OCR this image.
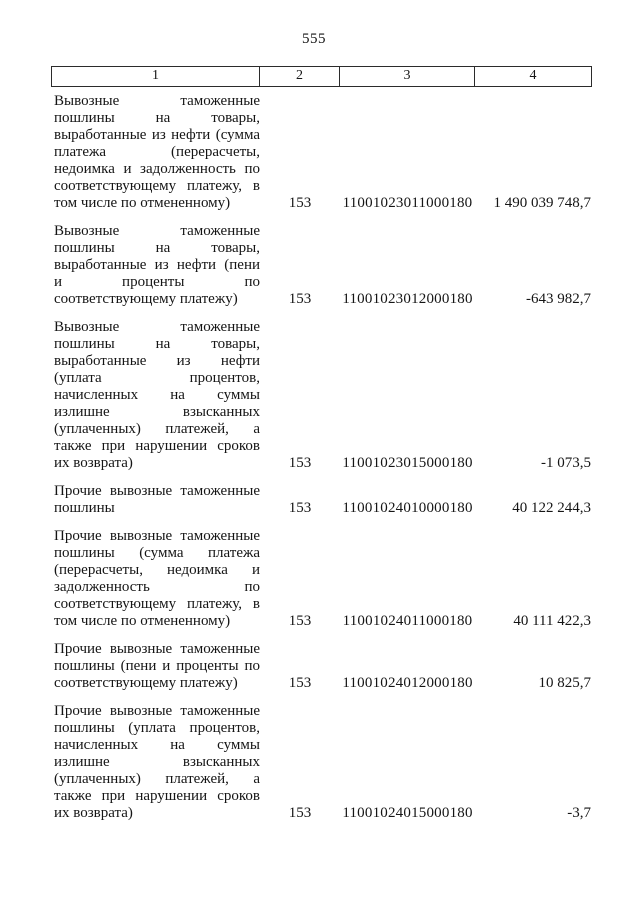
555
1	2	3	4
Вывозные таможенные
пошлины на товары,
выработанные из нефти (сумма
платежа (перерасчеты,
недоимка и задолженность по
соответствующему платежу, в
том числе по отмененному)	153	11001023011000180	1 490 039 748,7
Вывозные таможенные
пошлины на товары,
выработанные из нефти (пени
и проценты по
соответствующему платежу)	153	11001023012000180	-643 982,7
Вывозные таможенные
пошлины на товары,
выработанные из нефти
(уплата процентов,
начисленных на суммы
излишне взысканных
(уплаченных) платежей, а
также при нарушении сроков
их возврата)	153	11001023015000180	-1 073,5
Прочие вывозные таможенные
пошлины	153	11001024010000180	40 122 244,3
Прочие вывозные таможенные
пошлины (сумма платежа
(перерасчеты, недоимка и
задолженность по
соответствующему платежу, в
том числе по отмененному)	153	11001024011000180	40 111 422,3
Прочие вывозные таможенные
пошлины (пени и проценты по
соответствующему платежу)	153	11001024012000180	10 825,7
Прочие вывозные таможенные
пошлины (уплата процентов,
начисленных на суммы
излишне взысканных
(уплаченных) платежей, а
также при нарушении сроков
их возврата)	153	11001024015000180	-3,7
